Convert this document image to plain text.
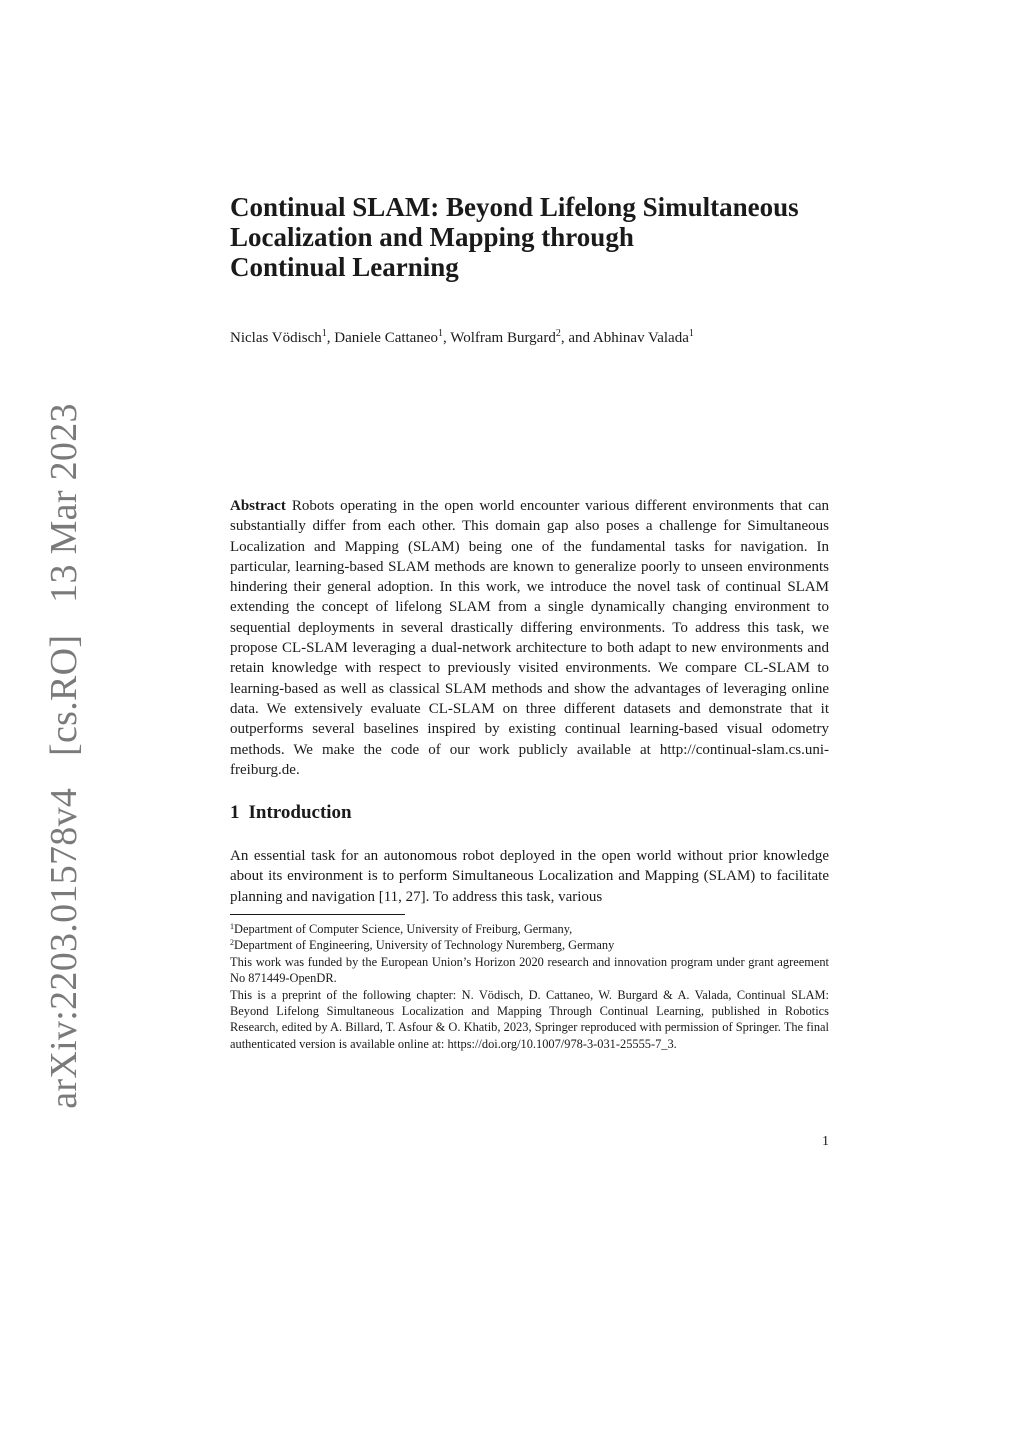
arXiv:2203.01578v4 [cs.RO] 13 Mar 2023
Continual SLAM: Beyond Lifelong Simultaneous
Localization and Mapping through
Continual Learning
Niclas Vödisch$^1$, Daniele Cattaneo$^1$, Wolfram Burgard$^2$, and Abhinav Valada$^1$

Abstract Robots operating in the open world encounter various different environments that can substantially differ from each other. This domain gap also poses a challenge for Simultaneous Localization and Mapping (SLAM) being one of the fundamental tasks for navigation. In particular, learning-based SLAM methods are known to generalize poorly to unseen environments hindering their general adoption. In this work, we introduce the novel task of continual SLAM extending the concept of lifelong SLAM from a single dynamically changing environment to sequential deployments in several drastically differing environments. To address this task, we propose CL-SLAM leveraging a dual-network architecture to both adapt to new environments and retain knowledge with respect to previously visited environments. We compare CL-SLAM to learning-based as well as classical SLAM methods and show the advantages of leveraging online data. We extensively evaluate CL-SLAM on three different datasets and demonstrate that it outperforms several baselines inspired by existing continual learning-based visual odometry methods. We make the code of our work publicly available at http://continual-slam.cs.uni-freiburg.de.

1 Introduction

An essential task for an autonomous robot deployed in the open world without prior knowledge about its environment is to perform Simultaneous Localization and Mapping (SLAM) to facilitate planning and navigation [11, 27]. To address this task, various

$^1$Department of Computer Science, University of Freiburg, Germany,

$^2$Department of Engineering, University of Technology Nuremberg, Germany

This work was funded by the European Union’s Horizon 2020 research and innovation program under grant agreement No 871449-OpenDR.

This is a preprint of the following chapter: N. Vödisch, D. Cattaneo, W. Burgard & A. Valada, Continual SLAM: Beyond Lifelong Simultaneous Localization and Mapping Through Continual Learning, published in Robotics Research, edited by A. Billard, T. Asfour & O. Khatib, 2023, Springer reproduced with permission of Springer. The final authenticated version is available online at: https://doi.org/10.1007/978-3-031-25555-7_3.

1
